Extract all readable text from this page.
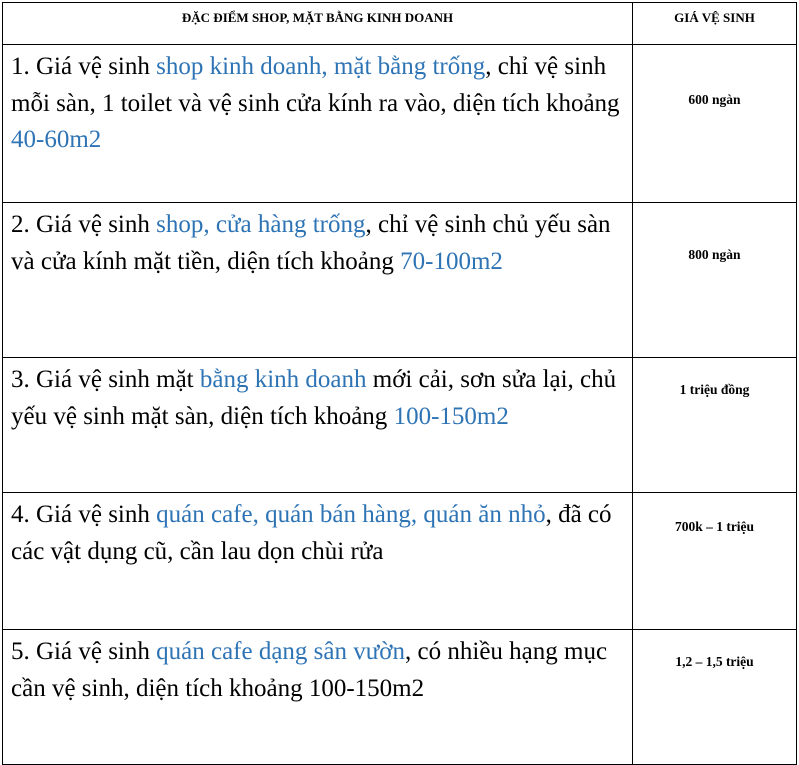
ĐẶC ĐIỂM SHOP, MẶT BẰNG KINH DOANH	GIÁ VỆ SINH
1. Giá vệ sinh shop kinh doanh, mặt bằng trống, chỉ vệ sinh mỗi sàn, 1 toilet và vệ sinh cửa kính ra vào, diện tích khoảng 40-60m2	600 ngàn
2. Giá vệ sinh shop, cửa hàng trống, chỉ vệ sinh chủ yếu sàn và cửa kính mặt tiền, diện tích khoảng 70-100m2	800 ngàn
3. Giá vệ sinh mặt bằng kinh doanh mới cải, sơn sửa lại, chủ yếu vệ sinh mặt sàn, diện tích khoảng 100-150m2	1 triệu đồng
4. Giá vệ sinh quán cafe, quán bán hàng, quán ăn nhỏ, đã có các vật dụng cũ, cần lau dọn chùi rửa	700k – 1 triệu
5. Giá vệ sinh quán cafe dạng sân vườn, có nhiều hạng mục cần vệ sinh, diện tích khoảng 100-150m2	1,2 – 1,5 triệu
